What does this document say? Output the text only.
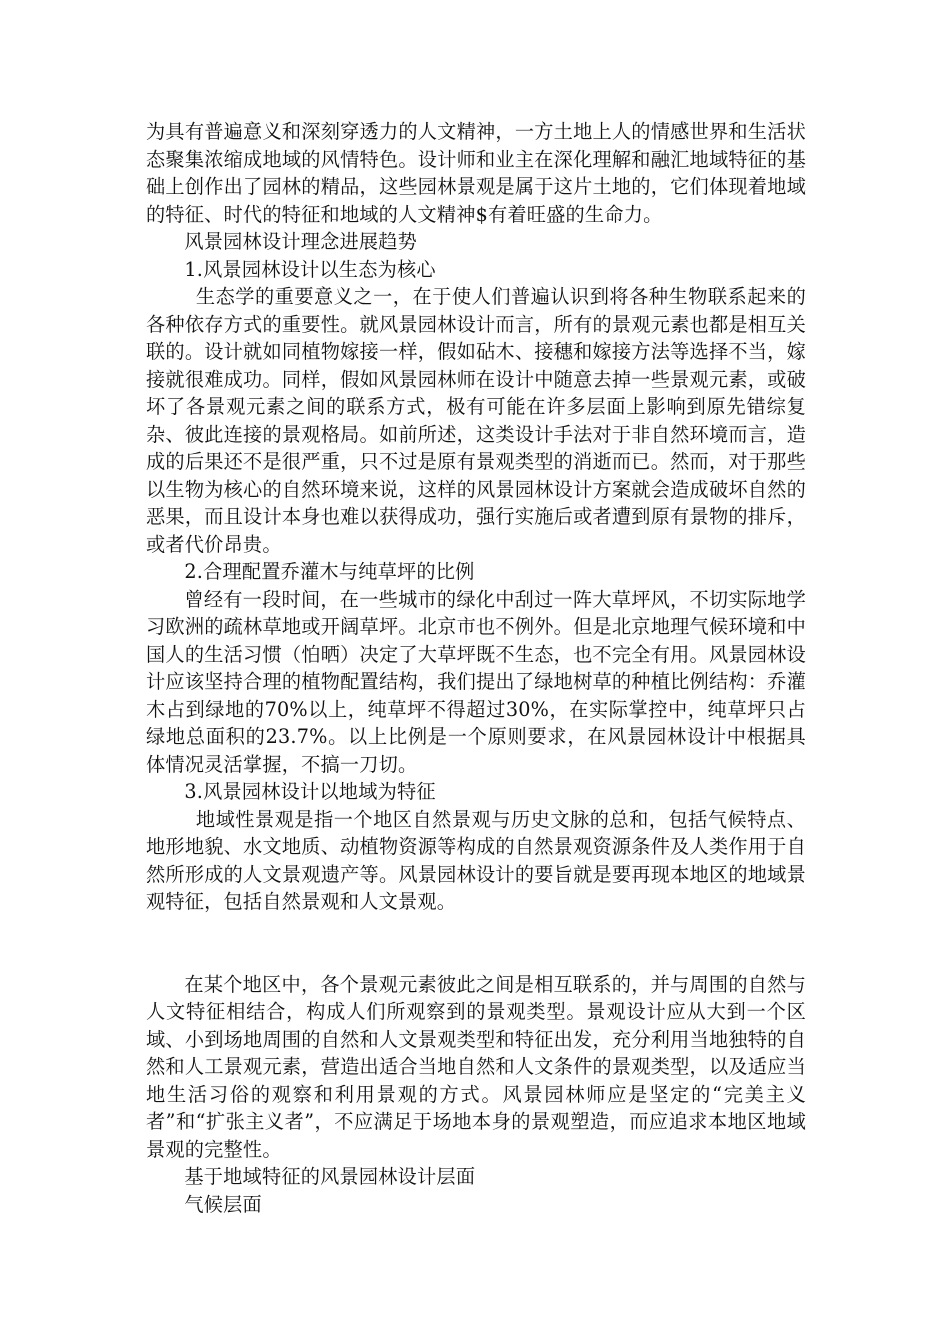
为具有普遍意义和深刻穿透力的人文精神，一方土地上人的情感世界和生活状态聚集浓缩成地域的风情特色。设计师和业主在深化理解和融汇地域特征的基础上创作出了园林的精品，这些园林景观是属于这片土地的，它们体现着地域的特征、时代的特征和地域的人文精神$有着旺盛的生命力。

风景园林设计理念进展趋势

1.风景园林设计以生态为核心

生态学的重要意义之一，在于使人们普遍认识到将各种生物联系起来的各种依存方式的重要性。就风景园林设计而言，所有的景观元素也都是相互关联的。设计就如同植物嫁接一样，假如砧木、接穗和嫁接方法等选择不当，嫁接就很难成功。同样，假如风景园林师在设计中随意去掉一些景观元素，或破坏了各景观元素之间的联系方式，极有可能在许多层面上影响到原先错综复杂、彼此连接的景观格局。如前所述，这类设计手法对于非自然环境而言，造成的后果还不是很严重，只不过是原有景观类型的消逝而已。然而，对于那些以生物为核心的自然环境来说，这样的风景园林设计方案就会造成破坏自然的恶果，而且设计本身也难以获得成功，强行实施后或者遭到原有景物的排斥，或者代价昂贵。

2.合理配置乔灌木与纯草坪的比例

曾经有一段时间，在一些城市的绿化中刮过一阵大草坪风，不切实际地学习欧洲的疏林草地或开阔草坪。北京市也不例外。但是北京地理气候环境和中国人的生活习惯（怕晒）决定了大草坪既不生态，也不完全有用。风景园林设计应该坚持合理的植物配置结构，我们提出了绿地树草的种植比例结构：乔灌木占到绿地的70%以上，纯草坪不得超过30%，在实际掌控中，纯草坪只占绿地总面积的23.7%。以上比例是一个原则要求，在风景园林设计中根据具体情况灵活掌握，不搞一刀切。

3.风景园林设计以地域为特征

地域性景观是指一个地区自然景观与历史文脉的总和，包括气候特点、地形地貌、水文地质、动植物资源等构成的自然景观资源条件及人类作用于自然所形成的人文景观遗产等。风景园林设计的要旨就是要再现本地区的地域景观特征，包括自然景观和人文景观。

在某个地区中，各个景观元素彼此之间是相互联系的，并与周围的自然与人文特征相结合，构成人们所观察到的景观类型。景观设计应从大到一个区域、小到场地周围的自然和人文景观类型和特征出发，充分利用当地独特的自然和人工景观元素，营造出适合当地自然和人文条件的景观类型，以及适应当地生活习俗的观察和利用景观的方式。风景园林师应是坚定的“完美主义者”和“扩张主义者”，不应满足于场地本身的景观塑造，而应追求本地区地域景观的完整性。

基于地域特征的风景园林设计层面

气候层面
